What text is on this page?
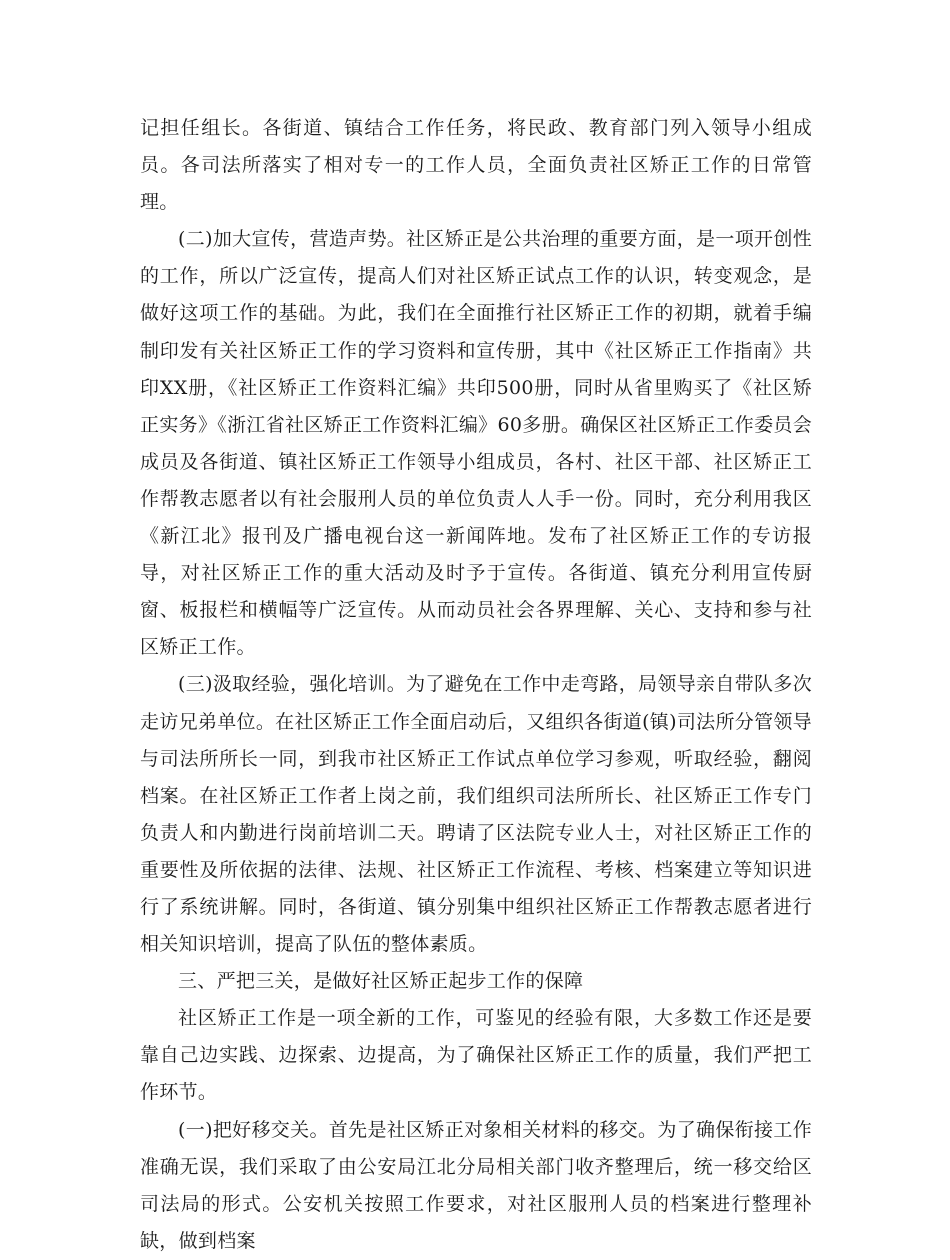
记担任组长。各街道、镇结合工作任务，将民政、教育部门列入领导小组成员。各司法所落实了相对专一的工作人员，全面负责社区矫正工作的日常管理。

(二)加大宣传，营造声势。社区矫正是公共治理的重要方面，是一项开创性的工作，所以广泛宣传，提高人们对社区矫正试点工作的认识，转变观念，是做好这项工作的基础。为此，我们在全面推行社区矫正工作的初期，就着手编制印发有关社区矫正工作的学习资料和宣传册，其中《社区矫正工作指南》共印XX册，《社区矫正工作资料汇编》共印500册，同时从省里购买了《社区矫正实务》《浙江省社区矫正工作资料汇编》60多册。确保区社区矫正工作委员会成员及各街道、镇社区矫正工作领导小组成员，各村、社区干部、社区矫正工作帮教志愿者以有社会服刑人员的单位负责人人手一份。同时，充分利用我区《新江北》报刊及广播电视台这一新闻阵地。发布了社区矫正工作的专访报导，对社区矫正工作的重大活动及时予于宣传。各街道、镇充分利用宣传厨窗、板报栏和横幅等广泛宣传。从而动员社会各界理解、关心、支持和参与社区矫正工作。

(三)汲取经验，强化培训。为了避免在工作中走弯路，局领导亲自带队多次走访兄弟单位。在社区矫正工作全面启动后，又组织各街道(镇)司法所分管领导与司法所所长一同，到我市社区矫正工作试点单位学习参观，听取经验，翻阅档案。在社区矫正工作者上岗之前，我们组织司法所所长、社区矫正工作专门负责人和内勤进行岗前培训二天。聘请了区法院专业人士，对社区矫正工作的重要性及所依据的法律、法规、社区矫正工作流程、考核、档案建立等知识进行了系统讲解。同时，各街道、镇分别集中组织社区矫正工作帮教志愿者进行相关知识培训，提高了队伍的整体素质。

三、严把三关，是做好社区矫正起步工作的保障

社区矫正工作是一项全新的工作，可鉴见的经验有限，大多数工作还是要靠自己边实践、边探索、边提高，为了确保社区矫正工作的质量，我们严把工作环节。

(一)把好移交关。首先是社区矫正对象相关材料的移交。为了确保衔接工作准确无误，我们采取了由公安局江北分局相关部门收齐整理后，统一移交给区司法局的形式。公安机关按照工作要求，对社区服刑人员的档案进行整理补缺，做到档案
